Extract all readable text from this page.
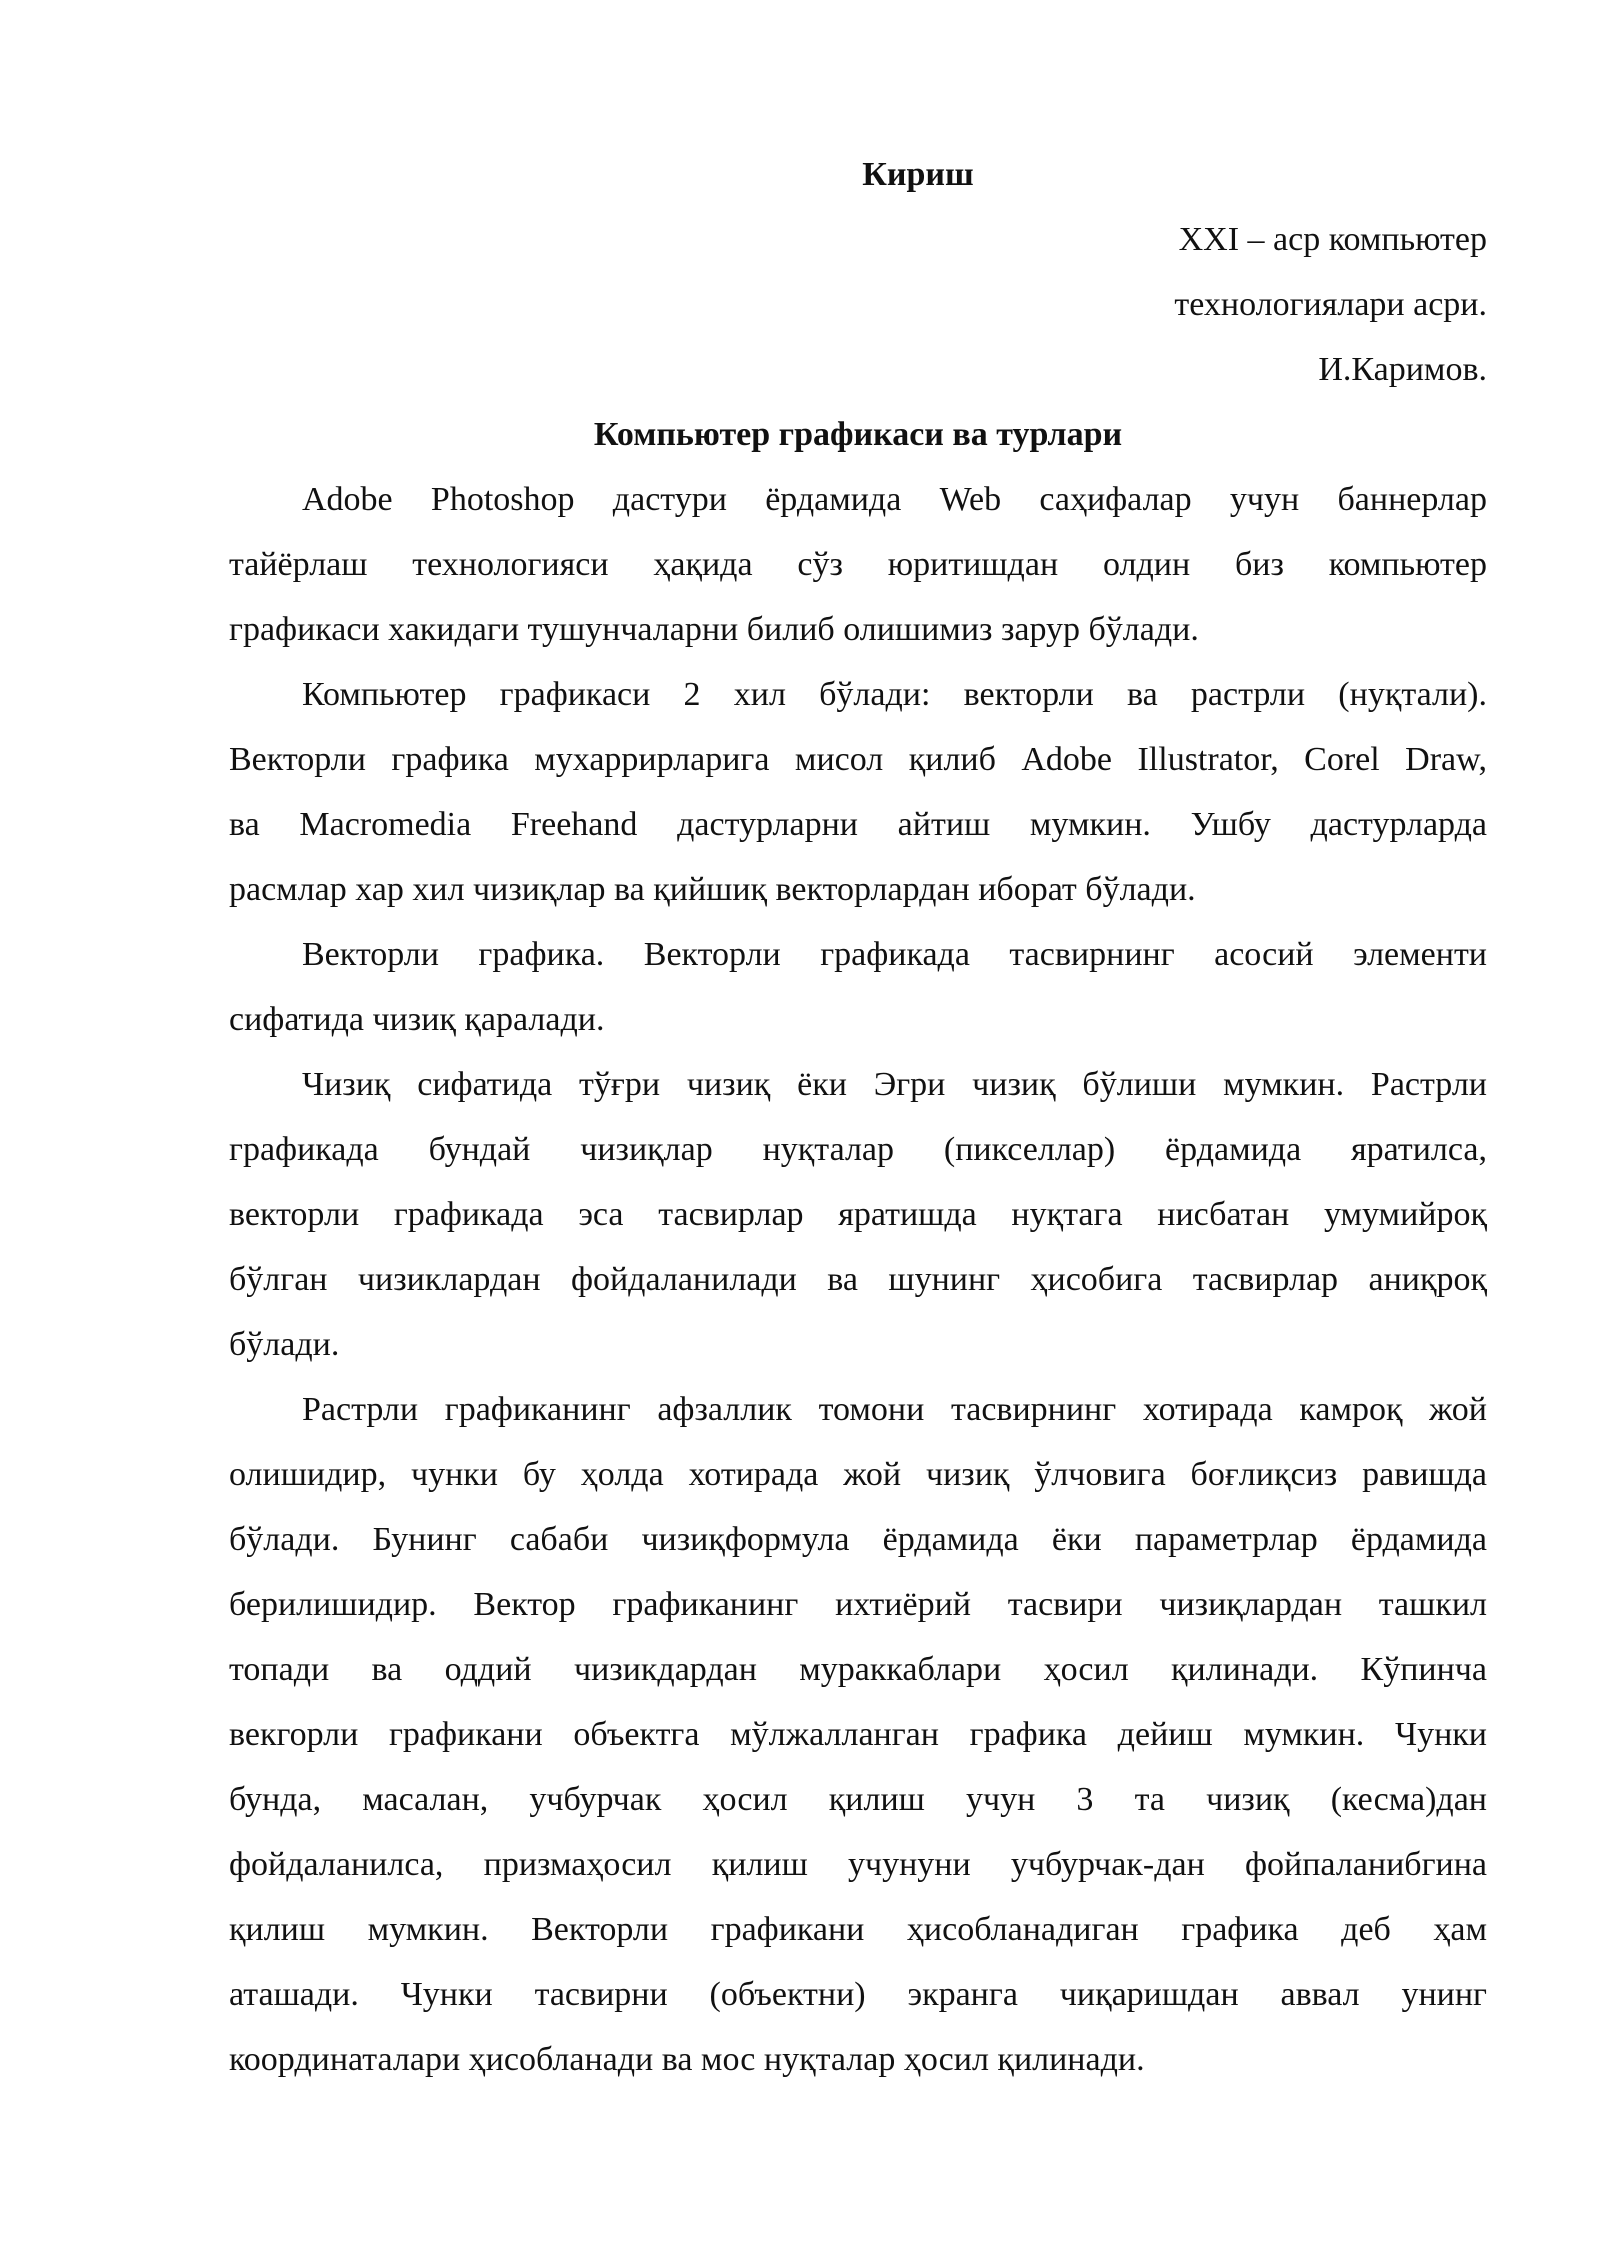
Кириш
XXI – аср компьютер
технологиялари асри.
И.Каримов.
Компьютер графикаси ва турлари
Adobe Photoshop дастури ёрдамида Web саҳифалар учун баннерлар
тайёрлаш технологияси ҳақида сўз юритишдан олдин биз компьютер
графикаси хакидаги тушунчаларни билиб олишимиз зарур бўлади.
Компьютер графикаси 2 хил бўлади: векторли ва растрли (нуқтали).
Векторли графика мухаррирларига мисол қилиб Adobe Illustrator, Corel Draw,
ва Macromedia Freehand дастурларни айтиш мумкин. Ушбу дастурларда
расмлар хар хил чизиқлар ва қийшиқ векторлардан иборат бўлади.
Векторли графика. Векторли графикада тасвирнинг асосий элементи
сифатида чизиқ қаралади.
Чизиқ сифатида тўғри чизиқ ёки Эгри чизиқ бўлиши мумкин. Растрли
графикада бундай чизиқлар нуқталар (пикселлар) ёрдамида яратилса,
векторли графикада эса тасвирлар яратишда нуқтага нисбатан умумийроқ
бўлган чизиклардан фойдаланилади ва шунинг ҳисобига тасвирлар аниқроқ
бўлади.
Растрли графиканинг афзаллик томони тасвирнинг хотирада камроқ жой
олишидир, чунки бу ҳолда хотирада жой чизиқ ўлчовига боғлиқсиз равишда
бўлади. Бунинг сабаби чизиқформула ёрдамида ёки параметрлар ёрдамида
берилишидир. Вектор графиканинг ихтиёрий тасвири чизиқлардан ташкил
топади ва оддий чизикдардан мураккаблари ҳосил қилинади. Кўпинча
векгорли графикани объектга мўлжалланган графика дейиш мумкин. Чунки
бунда, масалан, учбурчак ҳосил қилиш учун 3 та чизиқ (кесма)дан
фойдаланилса, призмаҳосил қилиш учунуни учбурчак-дан фойпаланибгина
қилиш мумкин. Векторли графикани ҳисобланадиган графика деб ҳам
аташади. Чунки тасвирни (объектни) экранга чиқаришдан аввал унинг
координаталари ҳисобланади ва мос нуқталар ҳосил қилинади.
